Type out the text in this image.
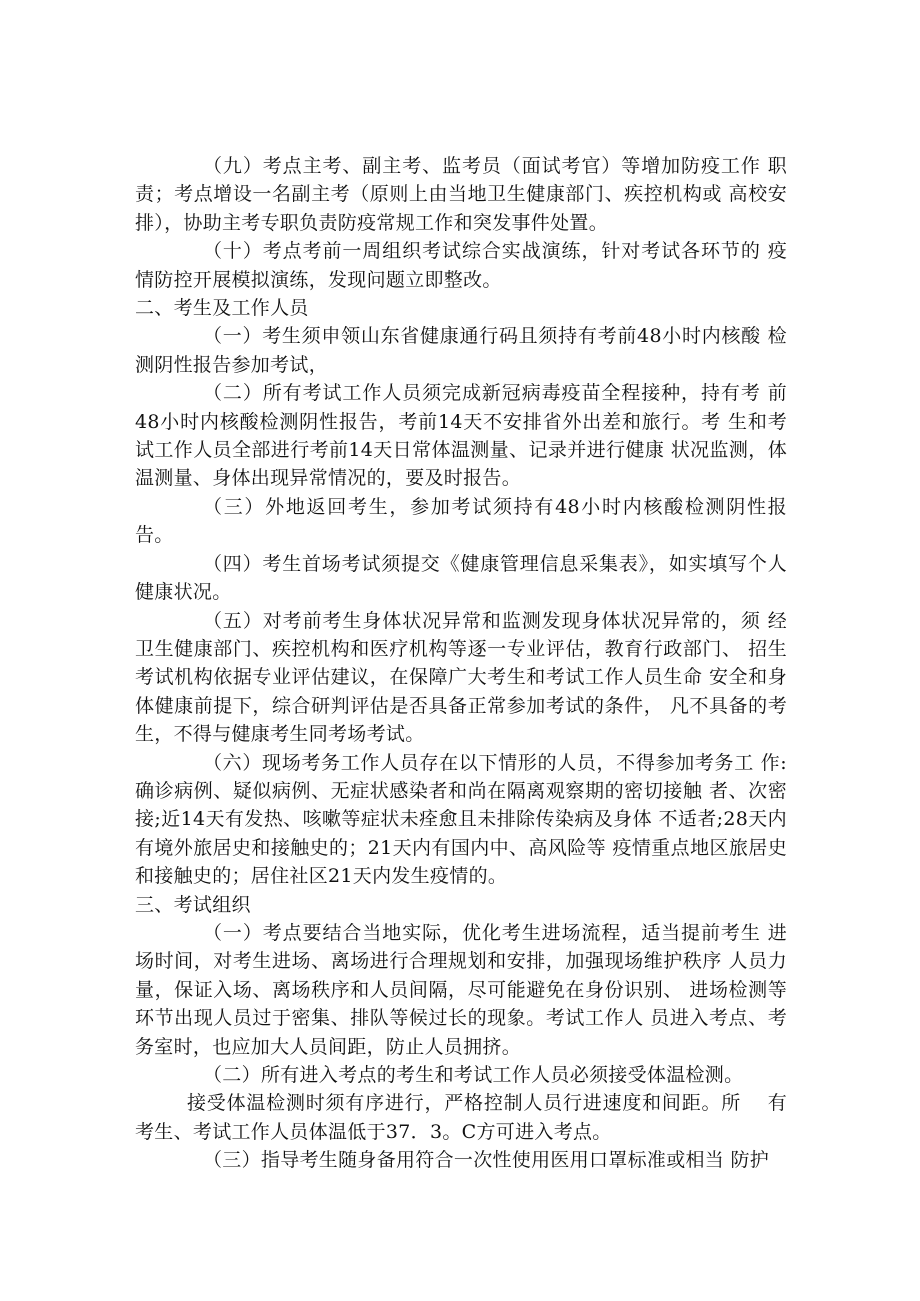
（九）考点主考、副主考、监考员（面试考官）等增加防疫工作 职责；考点增设一名副主考（原则上由当地卫生健康部门、疾控机构或 高校安排），协助主考专职负责防疫常规工作和突发事件处置。

（十）考点考前一周组织考试综合实战演练，针对考试各环节的 疫情防控开展模拟演练，发现问题立即整改。

二、考生及工作人员

（一）考生须申领山东省健康通行码且须持有考前48小时内核酸 检测阴性报告参加考试，

（二）所有考试工作人员须完成新冠病毒疫苗全程接种，持有考 前48小时内核酸检测阴性报告，考前14天不安排省外出差和旅行。考 生和考试工作人员全部进行考前14天日常体温测量、记录并进行健康 状况监测，体温测量、身体出现异常情况的，要及时报告。

（三）外地返回考生，参加考试须持有48小时内核酸检测阴性报 告。

（四）考生首场考试须提交《健康管理信息采集表》，如实填写个人健康状况。

（五）对考前考生身体状况异常和监测发现身体状况异常的，须 经卫生健康部门、疾控机构和医疗机构等逐一专业评估，教育行政部门、 招生考试机构依据专业评估建议，在保障广大考生和考试工作人员生命 安全和身体健康前提下，综合研判评估是否具备正常参加考试的条件， 凡不具备的考生，不得与健康考生同考场考试。

（六）现场考务工作人员存在以下情形的人员，不得参加考务工 作:确诊病例、疑似病例、无症状感染者和尚在隔离观察期的密切接触 者、次密接;近14天有发热、咳嗽等症状未痊愈且未排除传染病及身体 不适者;28天内有境外旅居史和接触史的；21天内有国内中、高风险等 疫情重点地区旅居史和接触史的；居住社区21天内发生疫情的。

三、考试组织

（一）考点要结合当地实际，优化考生进场流程，适当提前考生 进场时间，对考生进场、离场进行合理规划和安排，加强现场维护秩序 人员力量，保证入场、离场秩序和人员间隔，尽可能避免在身份识别、 进场检测等环节出现人员过于密集、排队等候过长的现象。考试工作人 员进入考点、考务室时，也应加大人员间距，防止人员拥挤。

（二）所有进入考点的考生和考试工作人员必须接受体温检测。

接受体温检测时须有序进行，严格控制人员行进速度和间距。所　 有考生、考试工作人员体温低于37．3。C方可进入考点。

（三）指导考生随身备用符合一次性使用医用口罩标准或相当 防护
